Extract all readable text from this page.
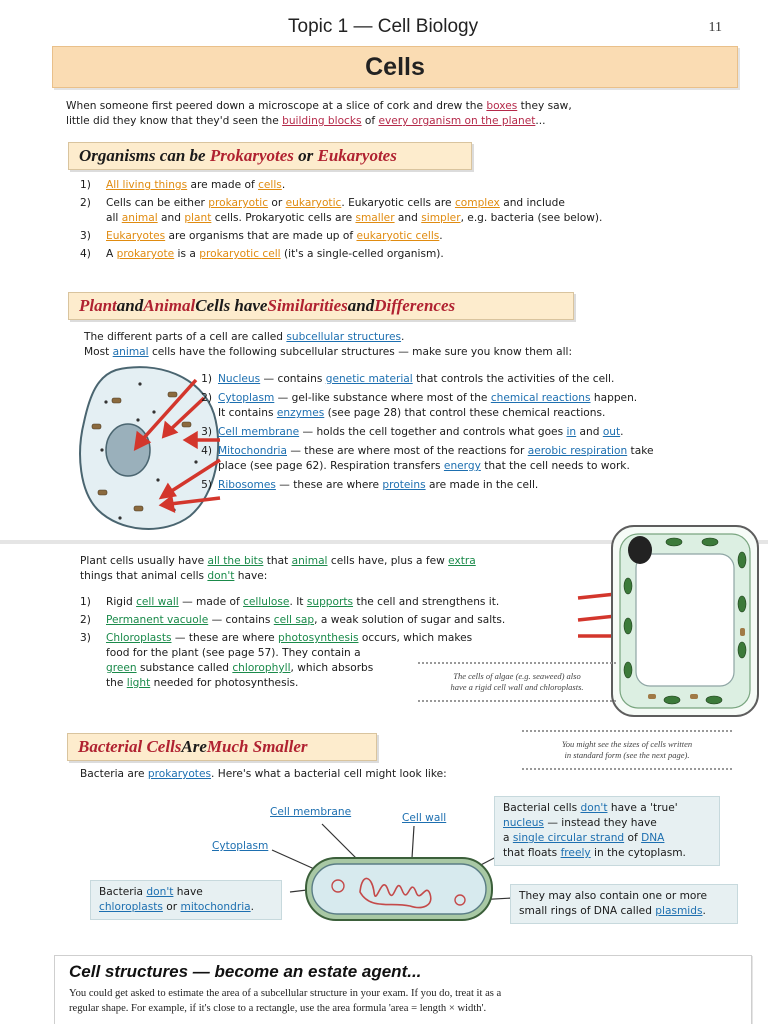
Topic 1 — Cell Biology	11
Cells
When someone first peered down a microscope at a slice of cork and drew the boxes they saw,
little did they know that they'd seen the building blocks of every organism on the planet...
Organisms can be
Prokaryotes
or
Eukaryotes
1)	All living things are made of cells.
2)	Cells can be either prokaryotic or eukaryotic. Eukaryotic cells are complex and include
all animal and plant cells. Prokaryotic cells are smaller and simpler, e.g. bacteria (see below).
3)	Eukaryotes are organisms that are made up of eukaryotic cells.
4)	A prokaryote is a prokaryotic cell (it's a single-celled organism).
Plant and Animal Cells have Similarities and Differences
The different parts of a cell are called subcellular structures.
Most animal cells have the following subcellular structures — make sure you know them all:
1) Nucleus — contains genetic material that controls the activities of the cell.
2) Cytoplasm — gel-like substance where most of the chemical reactions happen.
It contains enzymes (see page 28) that control these chemical reactions.
3) Cell membrane — holds the cell together and controls what goes in and out.
4) Mitochondria — these are where most of the reactions for aerobic respiration take
place (see page 62). Respiration transfers energy that the cell needs to work.
5) Ribosomes — these are where proteins are made in the cell.
Plant cells usually have all the bits that animal cells have, plus a few extra
things that animal cells don't have:
1)	Rigid cell wall — made of cellulose. It supports the cell and strengthens it.
2)	Permanent vacuole — contains cell sap, a weak solution of sugar and salts.
3)	Chloroplasts — these are where photosynthesis occurs, which makes
food for the plant (see page 57). They contain a
green substance called chlorophyll, which absorbs
the light needed for photosynthesis.
The cells of algae (e.g. seaweed) also
have a rigid cell wall and chloroplasts.
Bacterial Cells Are Much Smaller	You might see the sizes of cells written
in standard form (see the next page).
Bacteria are prokaryotes. Here's what a bacterial cell might look like:
Cell membrane	Cell wall
Cytoplasm
Bacterial cells don't have a 'true'
nucleus — instead they have
a single circular strand of DNA
that floats freely in the cytoplasm.
They may also contain one or more
small rings of DNA called plasmids.
Bacteria don't have
chloroplasts or mitochondria.
Cell structures — become an estate agent...
You could get asked to estimate the area of a subcellular structure in your exam. If you do, treat it as a
regular shape. For example, if it's close to a rectangle, use the area formula 'area = length × width'.
